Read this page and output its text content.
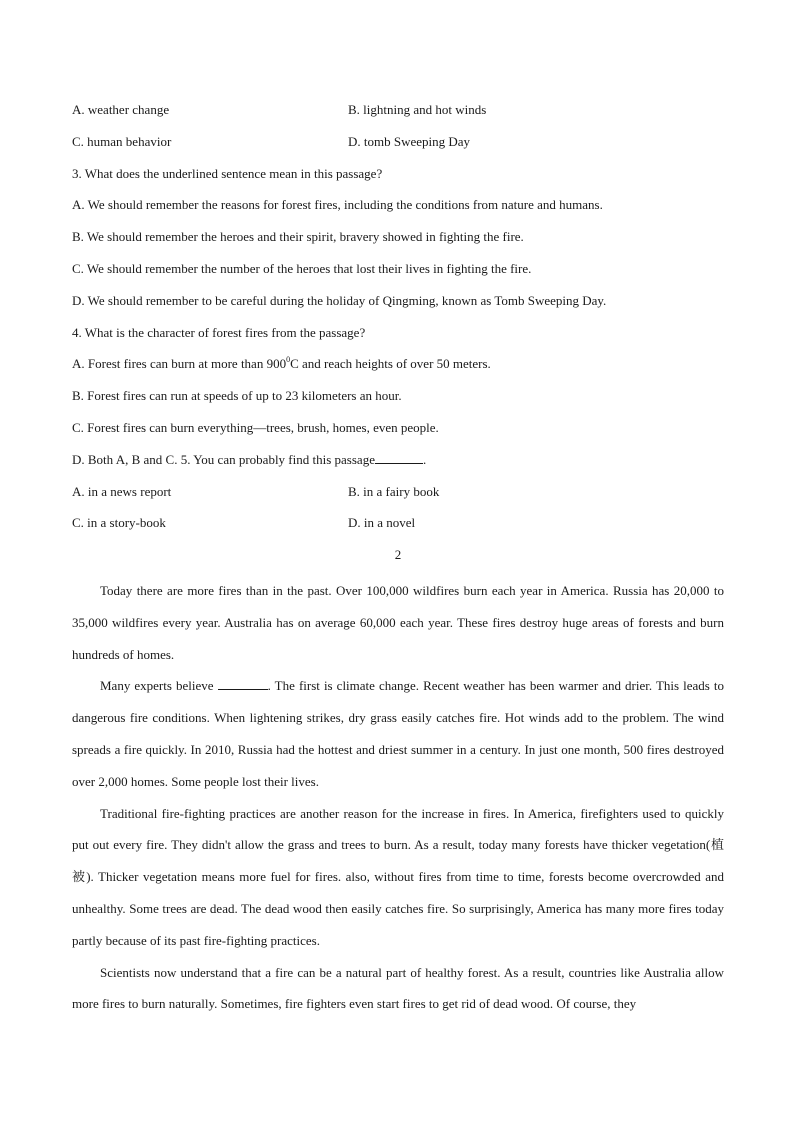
A. weather change	B. lightning and hot winds
C. human behavior	D. tomb Sweeping Day
3. What does the underlined sentence mean in this passage?
A. We should remember the reasons for forest fires, including the conditions from nature and humans.
B. We should remember the heroes and their spirit, bravery showed in fighting the fire.
C. We should remember the number of the heroes that lost their lives in fighting the fire.
D. We should remember to be careful during the holiday of Qingming, known as Tomb Sweeping Day.
4. What is the character of forest fires from the passage?
A. Forest fires can burn at more than $900^0C$ and reach heights of over 50 meters.
B. Forest fires can run at speeds of up to 23 kilometers an hour.
C. Forest fires can burn everything—trees, brush, homes, even people.
D. Both A, B and C. 5. You can probably find this passage	.
A. in a news report	B. in a fairy book
C. in a story-book	D. in a novel
2

Today there are more fires than in the past. Over 100,000 wildfires burn each year in America. Russia has 20,000 to 35,000 wildfires every year. Australia has on average 60,000 each year. These fires destroy huge areas of forests and burn hundreds of homes.

Many experts believe	. The first is climate change. Recent weather has been warmer and drier. This leads to dangerous fire conditions. When lightening strikes, dry grass easily catches fire. Hot winds add to the problem. The wind spreads a fire quickly. In 2010, Russia had the hottest and driest summer in a century. In just one month, 500 fires destroyed over 2,000 homes. Some people lost their lives.

Traditional fire-fighting practices are another reason for the increase in fires. In America, firefighters used to quickly put out every fire. They didn't allow the grass and trees to burn. As a result, today many forests have thicker vegetation(植被). Thicker vegetation means more fuel for fires. also, without fires from time to time, forests become overcrowded and unhealthy. Some trees are dead. The dead wood then easily catches fire. So surprisingly, America has many more fires today partly because of its past fire-fighting practices.

Scientists now understand that a fire can be a natural part of healthy forest. As a result, countries like Australia allow more fires to burn naturally. Sometimes, fire fighters even start fires to get rid of dead wood. Of course, they
